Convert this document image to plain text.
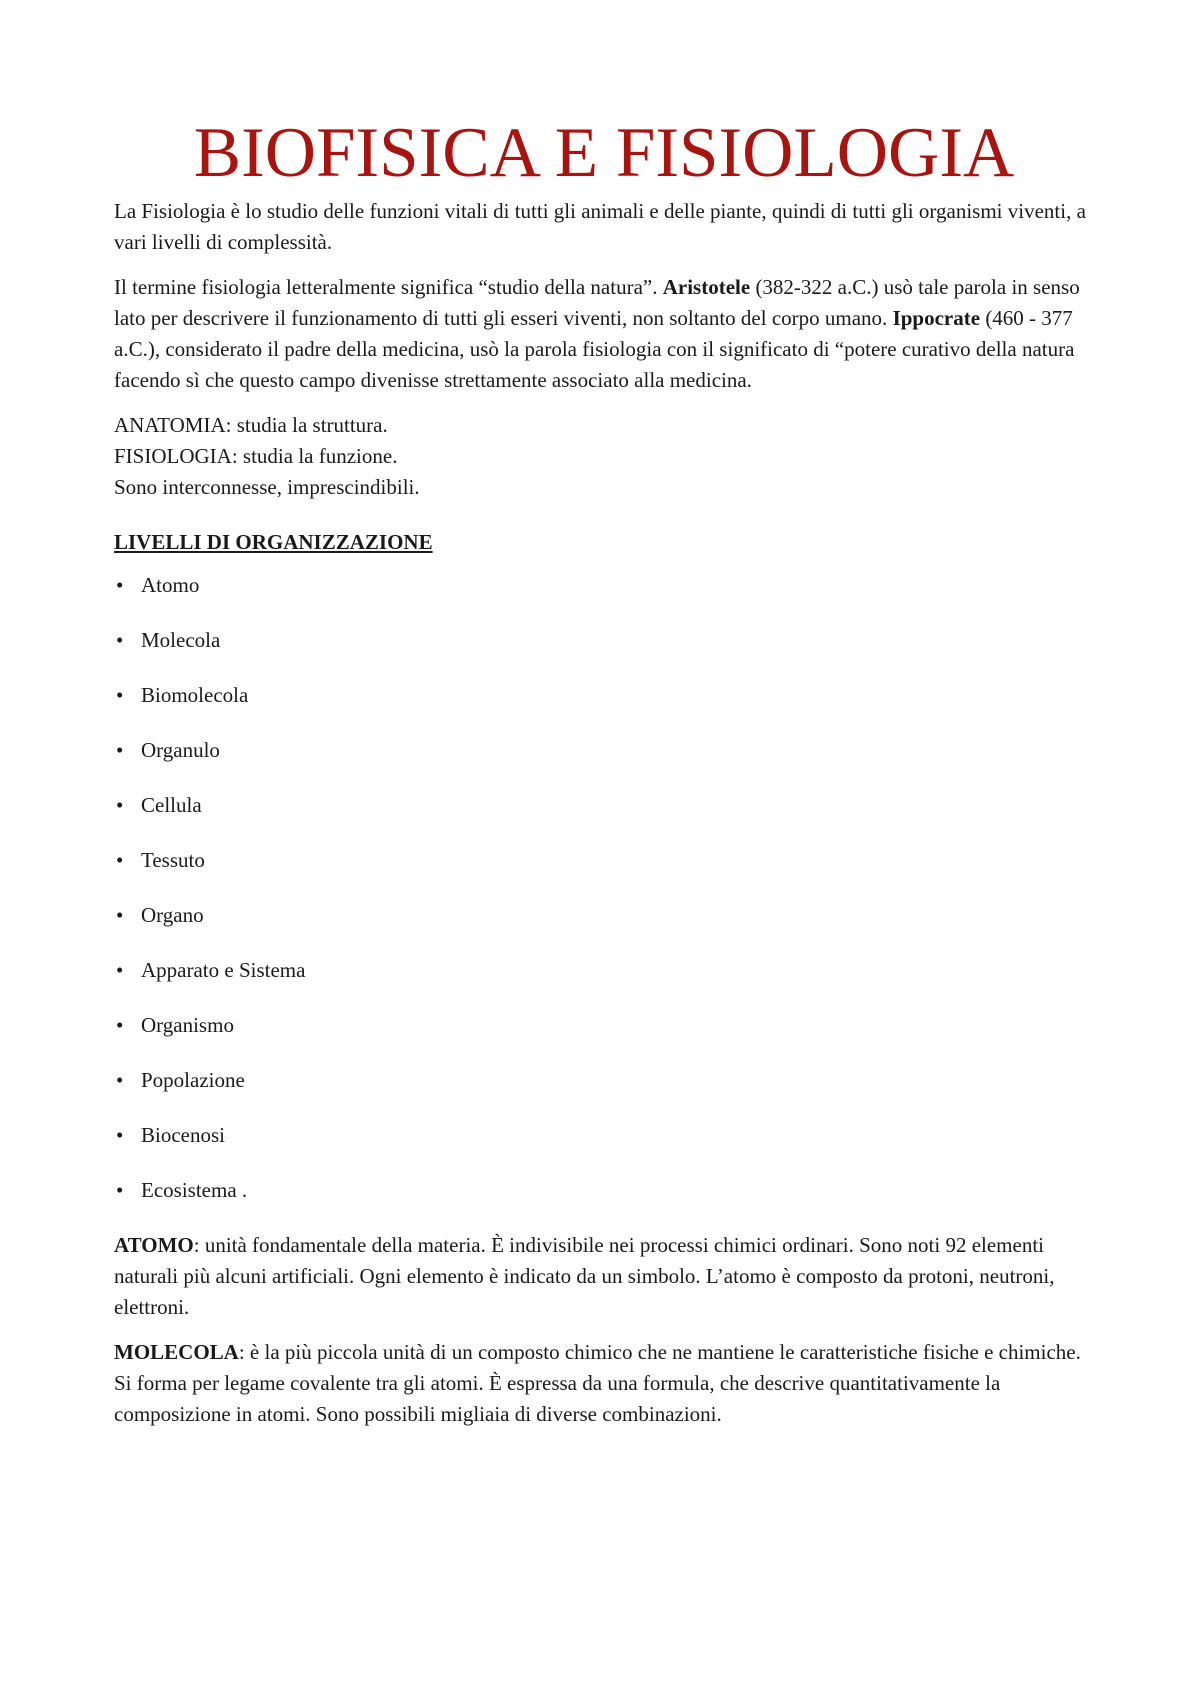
BIOFISICA E FISIOLOGIA

La Fisiologia è lo studio delle funzioni vitali di tutti gli animali e delle piante, quindi di tutti gli organismi viventi, a vari livelli di complessità.

Il termine fisiologia letteralmente significa “studio della natura”. Aristotele (382-322 a.C.) usò tale parola in senso lato per descrivere il funzionamento di tutti gli esseri viventi, non soltanto del corpo umano. Ippocrate (460 - 377 a.C.), considerato il padre della medicina, usò la parola fisiologia con il significato di “potere curativo della natura facendo sì che questo campo divenisse strettamente associato alla medicina.

ANATOMIA: studia la struttura.
FISIOLOGIA: studia la funzione.
Sono interconnesse, imprescindibili.
LIVELLI DI ORGANIZZAZIONE
• Atomo
• Molecola
• Biomolecola
• Organulo
• Cellula
• Tessuto
• Organo
• Apparato e Sistema
• Organismo
• Popolazione
• Biocenosi
• Ecosistema .

ATOMO: unità fondamentale della materia. È indivisibile nei processi chimici ordinari. Sono noti 92 elementi naturali più alcuni artificiali. Ogni elemento è indicato da un simbolo. L’atomo è composto da protoni, neutroni, elettroni.

MOLECOLA: è la più piccola unità di un composto chimico che ne mantiene le caratteristiche fisiche e chimiche. Si forma per legame covalente tra gli atomi. È espressa da una formula, che descrive quantitativamente la composizione in atomi. Sono possibili migliaia di diverse combinazioni.
